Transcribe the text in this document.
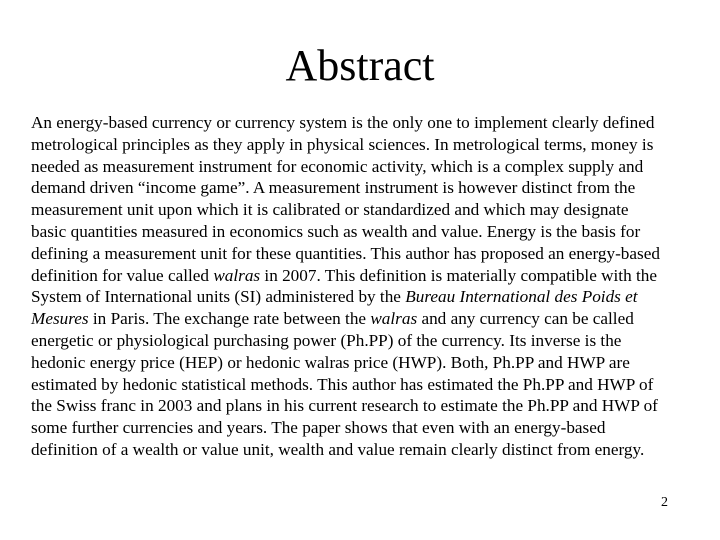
Abstract

An energy-based currency or currency system is the only one to implement clearly defined
metrological principles as they apply in physical sciences. In metrological terms, money is
needed as measurement instrument for economic activity, which is a complex supply and
demand driven “income game”. A measurement instrument is however distinct from the
measurement unit upon which it is calibrated or standardized and which may designate
basic quantities measured in economics such as wealth and value. Energy is the basis for
defining a measurement unit for these quantities. This author has proposed an energy-based
definition for value called walras in 2007. This definition is materially compatible with the
System of International units (SI) administered by the Bureau International des Poids et
Mesures in Paris. The exchange rate between the walras and any currency can be called
energetic or physiological purchasing power (Ph.PP) of the currency. Its inverse is the
hedonic energy price (HEP) or hedonic walras price (HWP). Both, Ph.PP and HWP are
estimated by hedonic statistical methods. This author has estimated the Ph.PP and HWP of
the Swiss franc in 2003 and plans in his current research to estimate the Ph.PP and HWP of
some further currencies and years. The paper shows that even with an energy-based
definition of a wealth or value unit, wealth and value remain clearly distinct from energy.

2
